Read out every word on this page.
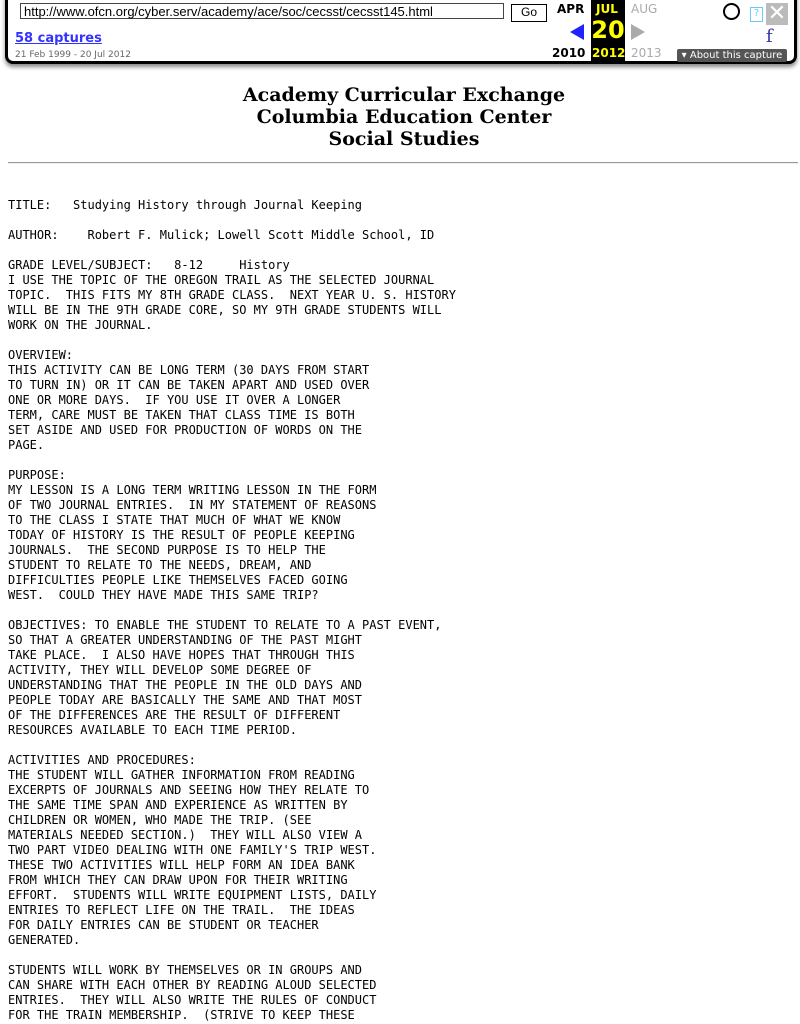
http://www.ofcn.org/cyber.serv/academy/ace/soc/cecsst/cecsst145.html	Go
58 captures
21 Feb 1999 - 20 Jul 2012
APR JUL AUG
20
2010 2012 2013
? ✕
f
▾ About this capture
Academy Curricular Exchange
Columbia Education Center
Social Studies
TITLE:   Studying History through Journal Keeping

AUTHOR:    Robert F. Mulick; Lowell Scott Middle School, ID

GRADE LEVEL/SUBJECT:   8-12     History
I USE THE TOPIC OF THE OREGON TRAIL AS THE SELECTED JOURNAL
TOPIC.  THIS FITS MY 8TH GRADE CLASS.  NEXT YEAR U. S. HISTORY
WILL BE IN THE 9TH GRADE CORE, SO MY 9TH GRADE STUDENTS WILL
WORK ON THE JOURNAL.

OVERVIEW:
THIS ACTIVITY CAN BE LONG TERM (30 DAYS FROM START
TO TURN IN) OR IT CAN BE TAKEN APART AND USED OVER
ONE OR MORE DAYS.  IF YOU USE IT OVER A LONGER
TERM, CARE MUST BE TAKEN THAT CLASS TIME IS BOTH
SET ASIDE AND USED FOR PRODUCTION OF WORDS ON THE
PAGE.

PURPOSE:
MY LESSON IS A LONG TERM WRITING LESSON IN THE FORM
OF TWO JOURNAL ENTRIES.  IN MY STATEMENT OF REASONS
TO THE CLASS I STATE THAT MUCH OF WHAT WE KNOW
TODAY OF HISTORY IS THE RESULT OF PEOPLE KEEPING
JOURNALS.  THE SECOND PURPOSE IS TO HELP THE
STUDENT TO RELATE TO THE NEEDS, DREAM, AND
DIFFICULTIES PEOPLE LIKE THEMSELVES FACED GOING
WEST.  COULD THEY HAVE MADE THIS SAME TRIP?

OBJECTIVES: TO ENABLE THE STUDENT TO RELATE TO A PAST EVENT,
SO THAT A GREATER UNDERSTANDING OF THE PAST MIGHT
TAKE PLACE.  I ALSO HAVE HOPES THAT THROUGH THIS
ACTIVITY, THEY WILL DEVELOP SOME DEGREE OF
UNDERSTANDING THAT THE PEOPLE IN THE OLD DAYS AND
PEOPLE TODAY ARE BASICALLY THE SAME AND THAT MOST
OF THE DIFFERENCES ARE THE RESULT OF DIFFERENT
RESOURCES AVAILABLE TO EACH TIME PERIOD.

ACTIVITIES AND PROCEDURES:
THE STUDENT WILL GATHER INFORMATION FROM READING
EXCERPTS OF JOURNALS AND SEEING HOW THEY RELATE TO
THE SAME TIME SPAN AND EXPERIENCE AS WRITTEN BY
CHILDREN OR WOMEN, WHO MADE THE TRIP. (SEE
MATERIALS NEEDED SECTION.)  THEY WILL ALSO VIEW A
TWO PART VIDEO DEALING WITH ONE FAMILY'S TRIP WEST.
THESE TWO ACTIVITIES WILL HELP FORM AN IDEA BANK
FROM WHICH THEY CAN DRAW UPON FOR THEIR WRITING
EFFORT.  STUDENTS WILL WRITE EQUIPMENT LISTS, DAILY
ENTRIES TO REFLECT LIFE ON THE TRAIL.  THE IDEAS
FOR DAILY ENTRIES CAN BE STUDENT OR TEACHER
GENERATED.

STUDENTS WILL WORK BY THEMSELVES OR IN GROUPS AND
CAN SHARE WITH EACH OTHER BY READING ALOUD SELECTED
ENTRIES.  THEY WILL ALSO WRITE THE RULES OF CONDUCT
FOR THE TRAIN MEMBERSHIP.  (STRIVE TO KEEP THESE
